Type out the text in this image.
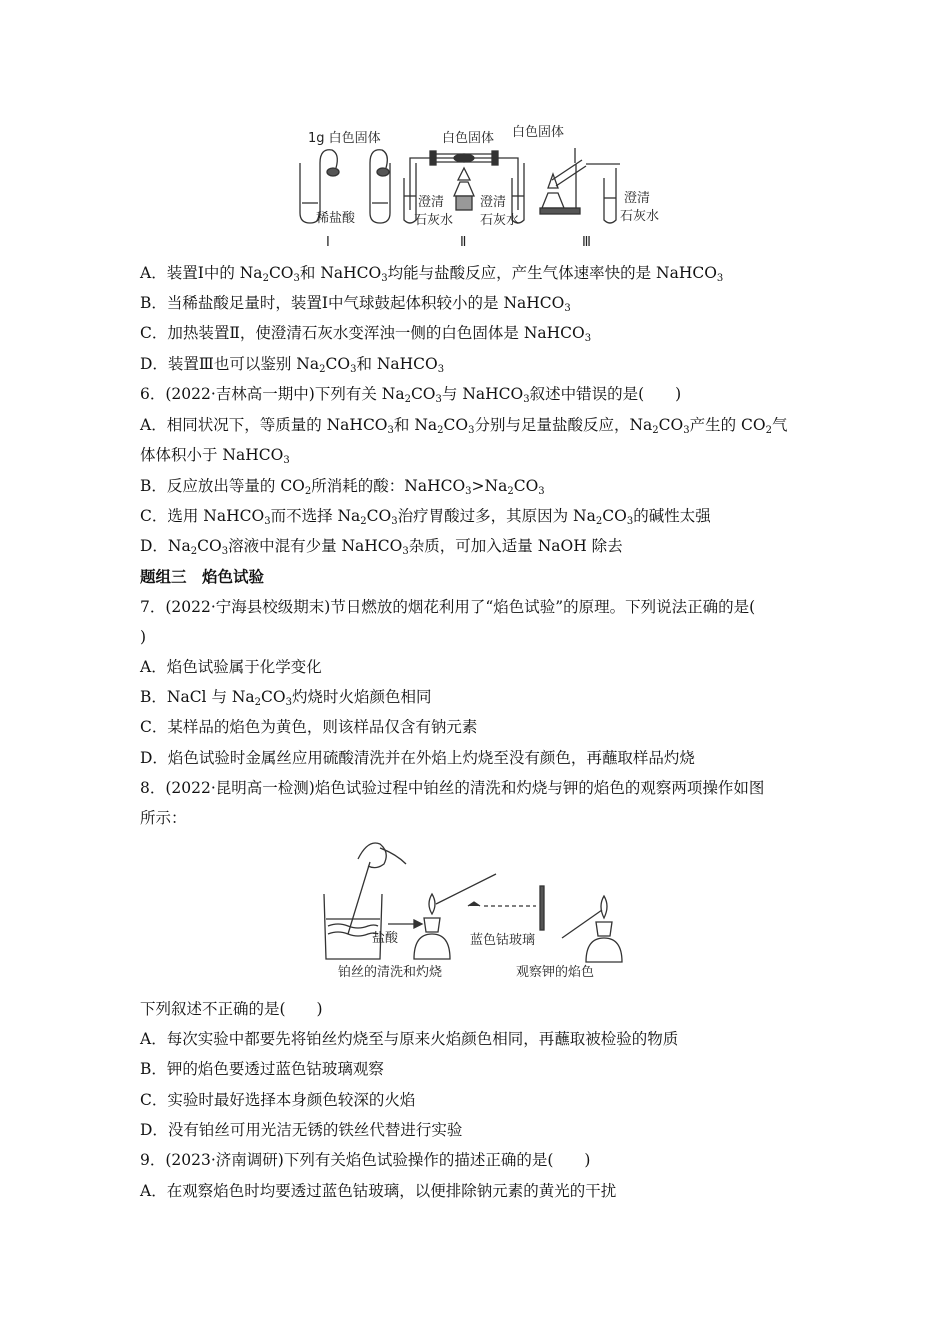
1g 白色固体	白色固体 白色固体
稀盐酸
澄清
石灰水
澄清
石灰水
澄清
石灰水
Ⅰ	Ⅱ	Ⅲ
A．装置Ⅰ中的 $Na_2CO_3$和 NaHCO$_3$均能与盐酸反应，产生气体速率快的是 NaHCO$_3$
B．当稀盐酸足量时，装置Ⅰ中气球鼓起体积较小的是 NaHCO$_3$
C．加热装置Ⅱ，使澄清石灰水变浑浊一侧的白色固体是 NaHCO$_3$
D．装置Ⅲ也可以鉴别 $Na_2CO_3$和 NaHCO$_3$
6．(2022·吉林高一期中)下列有关 $Na_2CO_3$与 NaHCO$_3$叙述中错误的是(　　)
A．相同状况下，等质量的 NaHCO$_3$和 $Na_2CO_3$分别与足量盐酸反应，$Na_2CO_3$产生的 $CO_2$气
体体积小于 NaHCO$_3$
B．反应放出等量的 $CO_2$所消耗的酸：$NaHCO_3>Na_2CO_3$
C．选用 NaHCO$_3$而不选择 $Na_2CO_3$治疗胃酸过多，其原因为 $Na_2CO_3$的碱性太强
D．$Na_2CO_3$溶液中混有少量 NaHCO$_3$杂质，可加入适量 NaOH 除去
题组三　焰色试验
7．(2022·宁海县校级期末)节日燃放的烟花利用了“焰色试验”的原理。下列说法正确的是(
)
A．焰色试验属于化学变化
B．NaCl 与 $Na_2CO_3$灼烧时火焰颜色相同
C．某样品的焰色为黄色，则该样品仅含有钠元素
D．焰色试验时金属丝应用硫酸清洗并在外焰上灼烧至没有颜色，再蘸取样品灼烧
8．(2022·昆明高一检测)焰色试验过程中铂丝的清洗和灼烧与钾的焰色的观察两项操作如图
所示：
盐酸	蓝色钴玻璃
铂丝的清洗和灼烧	观察钾的焰色
下列叙述不正确的是(　　)
A．每次实验中都要先将铂丝灼烧至与原来火焰颜色相同，再蘸取被检验的物质
B．钾的焰色要透过蓝色钴玻璃观察
C．实验时最好选择本身颜色较深的火焰
D．没有铂丝可用光洁无锈的铁丝代替进行实验
9．(2023·济南调研)下列有关焰色试验操作的描述正确的是(　　)
A．在观察焰色时均要透过蓝色钴玻璃，以便排除钠元素的黄光的干扰
